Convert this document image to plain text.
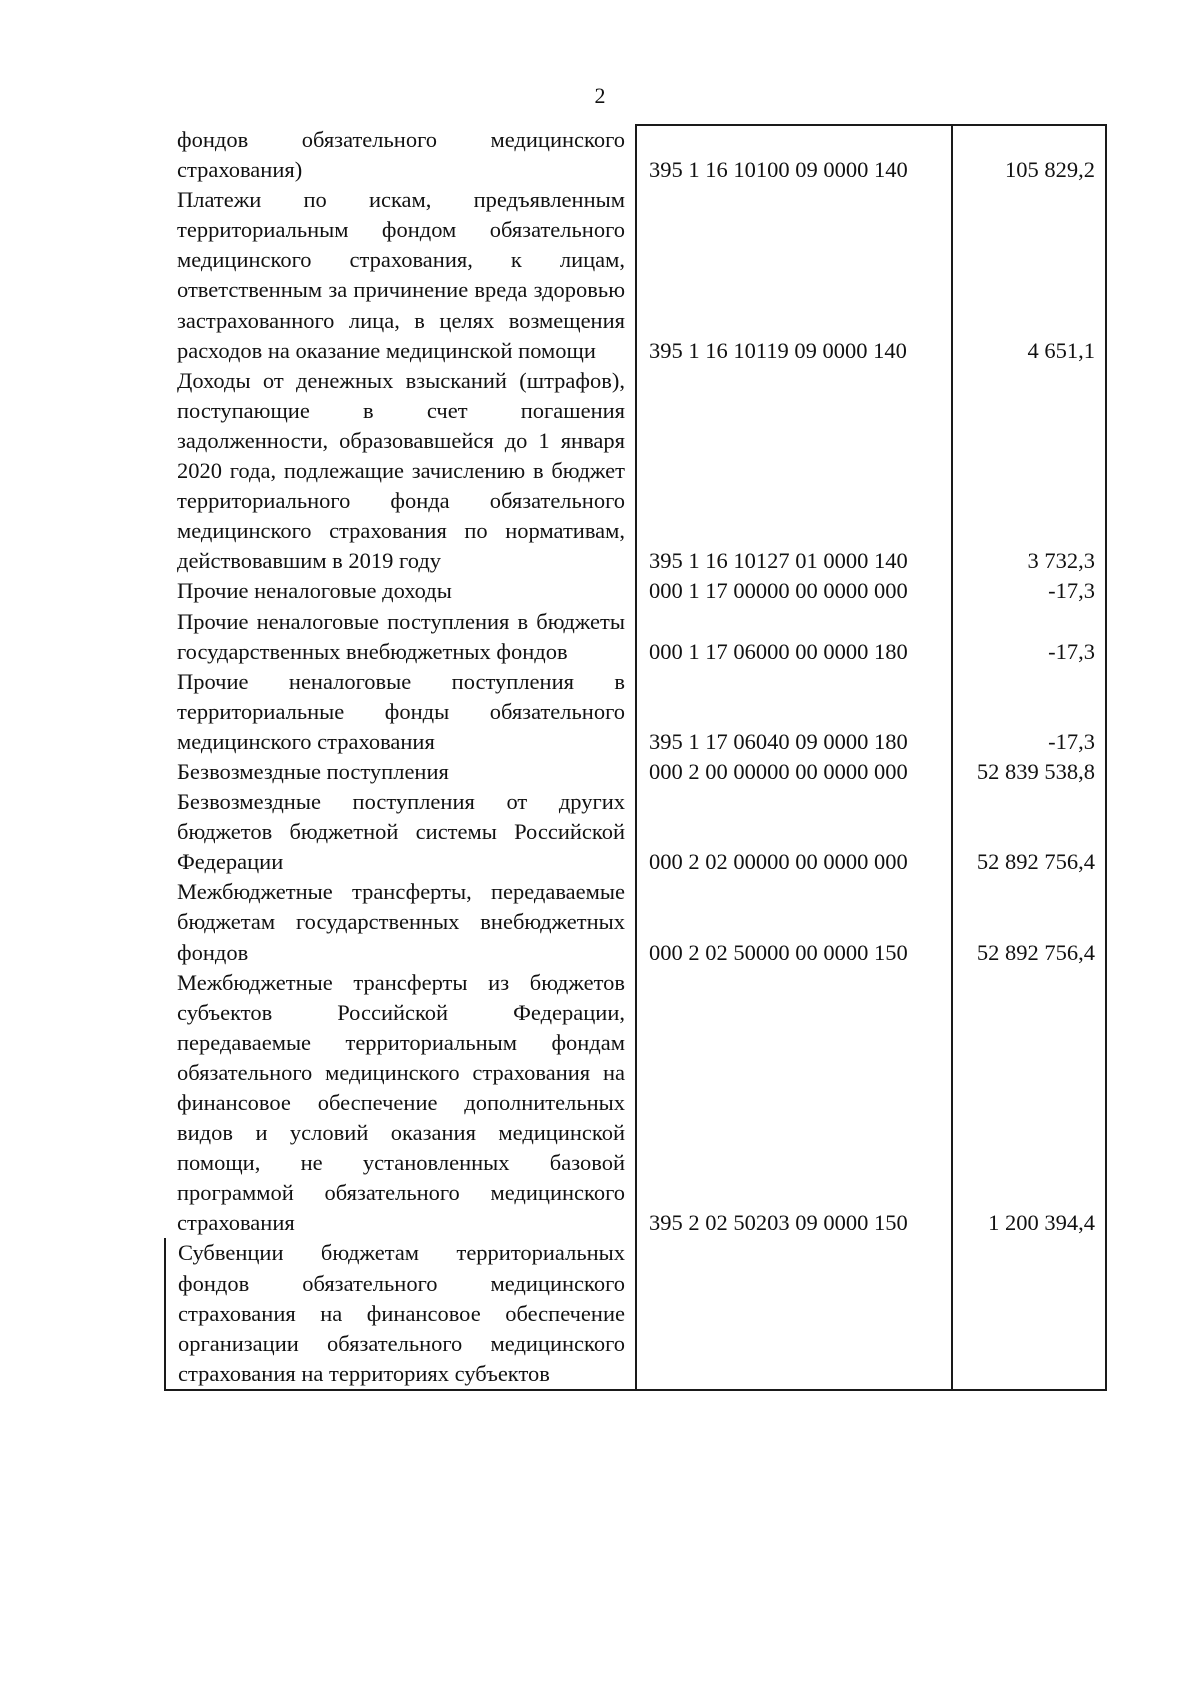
2
фондов обязательного медицинского страхования)	395 1 16 10100 09 0000 140	105 829,2
Платежи по искам, предъявленным территориальным фондом обязательного медицинского страхования, к лицам, ответственным за причинение вреда здоровью застрахованного лица, в целях возмещения расходов на оказание медицинской помощи	395 1 16 10119 09 0000 140	4 651,1
Доходы от денежных взысканий (штрафов), поступающие в счет погашения задолженности, образовавшейся до 1 января 2020 года, подлежащие зачислению в бюджет территориального фонда обязательного медицинского страхования по нормативам, действовавшим в 2019 году	395 1 16 10127 01 0000 140	3 732,3
Прочие неналоговые доходы	000 1 17 00000 00 0000 000	-17,3
Прочие неналоговые поступления в бюджеты государственных внебюджетных фондов	000 1 17 06000 00 0000 180	-17,3
Прочие неналоговые поступления в территориальные фонды обязательного медицинского страхования	395 1 17 06040 09 0000 180	-17,3
Безвозмездные поступления	000 2 00 00000 00 0000 000	52 839 538,8
Безвозмездные поступления от других бюджетов бюджетной системы Российской Федерации	000 2 02 00000 00 0000 000	52 892 756,4
Межбюджетные трансферты, передаваемые бюджетам государственных внебюджетных фондов	000 2 02 50000 00 0000 150	52 892 756,4
Межбюджетные трансферты из бюджетов субъектов Российской Федерации, передаваемые территориальным фондам обязательного медицинского страхования на финансовое обеспечение дополнительных видов и условий оказания медицинской помощи, не установленных базовой программой обязательного медицинского страхования	395 2 02 50203 09 0000 150	1 200 394,4
Субвенции бюджетам территориальных фондов обязательного медицинского страхования на финансовое обеспечение организации обязательного медицинского страхования на территориях субъектов		
